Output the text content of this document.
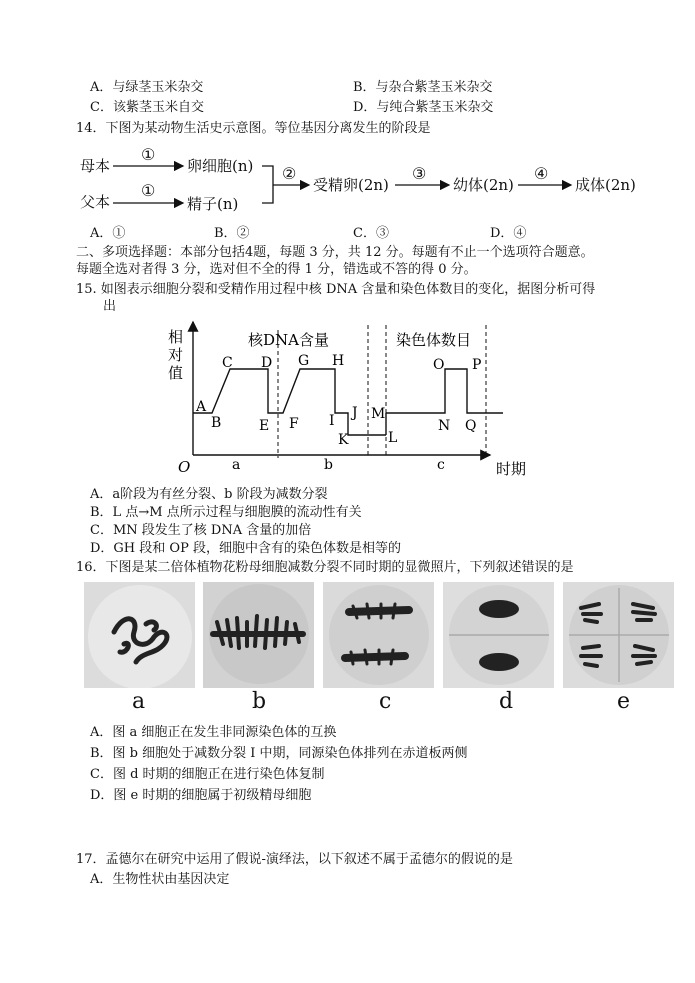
A．与绿茎玉米杂交	B．与杂合紫茎玉米杂交
C．该紫茎玉米自交	D．与纯合紫茎玉米杂交
14．下图为某动物生活史示意图。等位基因分离发生的阶段是
母本
父本
①
①
卵细胞(n)
精子(n)
②
受精卵(2n)
③
幼体(2n)
④
成体(2n)
A．①	B．②	C．③	D．④
二、多项选择题：本部分包括4题，每题 3 分，共 12 分。每题有不止一个选项符合题意。
每题全选对者得 3 分，选对但不全的得 1 分，错选或不答的得 0 分。
15. 如图表示细胞分裂和受精作用过程中核 DNA 含量和染色体数目的变化，据图分析可得
出
A
B
C D
E F
G H
I J
K	L
M
N
O P
Q
相
对
值
核DNA含量	染色体数目
O	时期
a	b	c
A．a阶段为有丝分裂、b 阶段为减数分裂
B．L 点→M 点所示过程与细胞膜的流动性有关
C．MN 段发生了核 DNA 含量的加倍
D．GH 段和 OP 段，细胞中含有的染色体数是相等的
16．下图是某二倍体植物花粉母细胞减数分裂不同时期的显微照片，下列叙述错误的是
a	b	c	d	e
A．图 a 细胞正在发生非同源染色体的互换
B．图 b 细胞处于减数分裂 I 中期，同源染色体排列在赤道板两侧
C．图 d 时期的细胞正在进行染色体复制
D．图 e 时期的细胞属于初级精母细胞
17．孟德尔在研究中运用了假说-演绎法，以下叙述不属于孟德尔的假说的是
A．生物性状由基因决定
